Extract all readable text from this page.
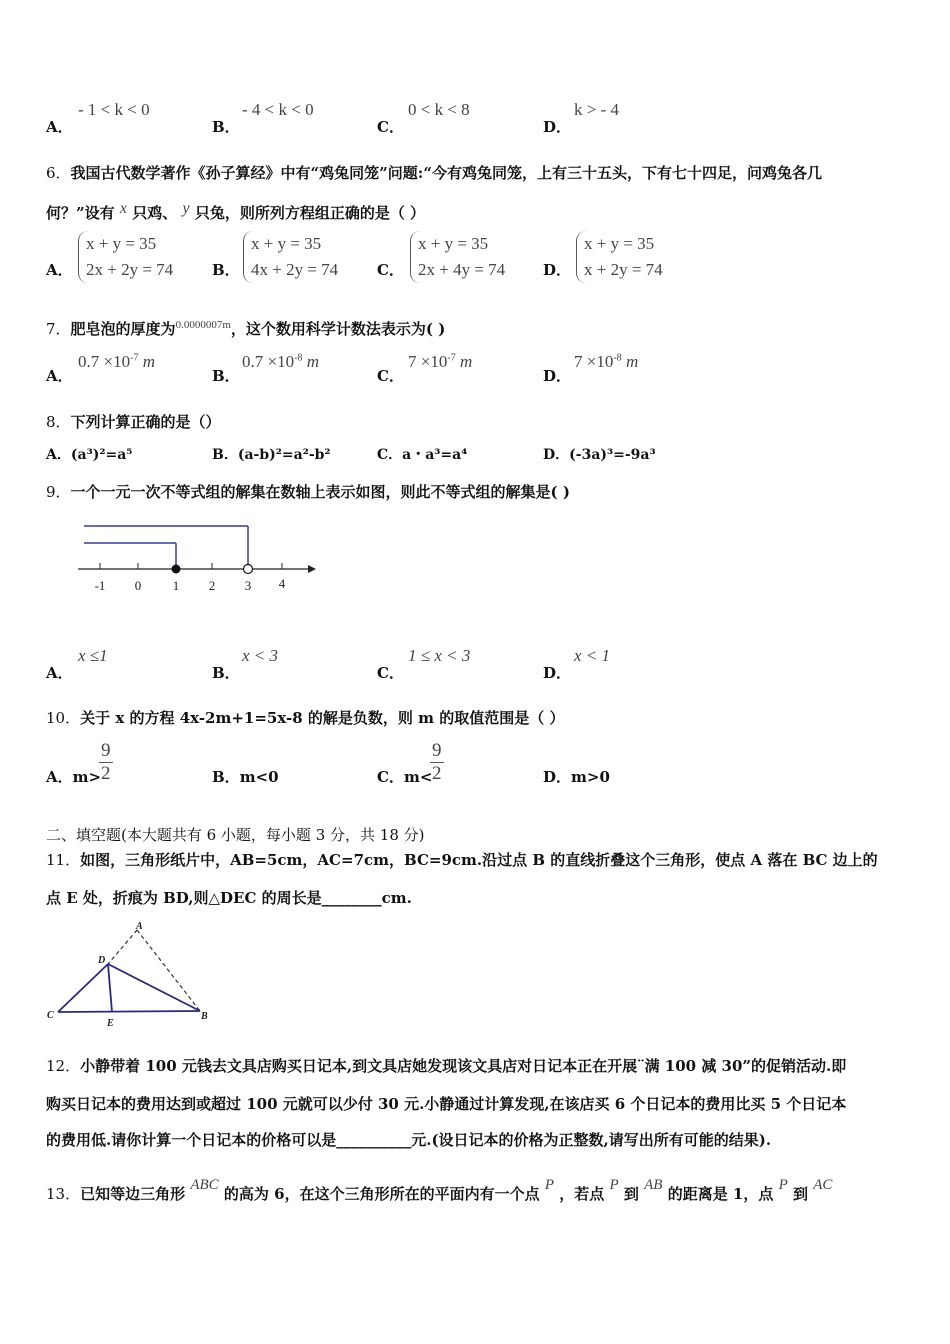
A．
- 1 < k < 0
B．
- 4 < k < 0
C．
0 < k < 8
D．
k > - 4
6．我国古代数学著作《孙子算经》中有“鸡兔同笼”问题:“今有鸡兔同笼，上有三十五头，下有七十四足，问鸡兔各几
何？”设有 x 只鸡、 y 只兔，则所列方程组正确的是（ ）
A．
x + y = 35
2x + 2y = 74	B．
x + y = 35
4x + 2y = 74	C．
x + y = 35
2x + 4y = 74	D．
x + y = 35
x + 2y = 74
7．肥皂泡的厚度为$^{0.0000007m}$，这个数用科学计数法表示为( )
A．
$0.7 \times 10^{-7}$ m
B．
$0.7 \times 10^{-8}$ m
C．
$7 \times 10^{-7}$ m
D．
$7 \times 10^{-8}$ m
8．下列计算正确的是（）
A．(a³)²=a⁵	B．(a-b)²=a²-b²	C．a・a³=a⁴	D．(-3a)³=-9a³
9．一个一元一次不等式组的解集在数轴上表示如图，则此不等式组的解集是( )
-1 0 1 2 3 4
A．
x ≤1
B．
x < 3
C．
1 ≤ x < 3
D．
x < 1
10．关于 x 的方程 4x-2m+1=5x-8 的解是负数，则 m 的取值范围是（ ）
A．m>
$\frac{9}{2}$	B．m<0	C．m<
$\frac{9}{2}$	D．m>0
二、填空题(本大题共有 6 小题，每小题 3 分，共 18 分)
11．如图，三角形纸片中，AB=5cm，AC=7cm，BC=9cm.沿过点 B 的直线折叠这个三角形，使点 A 落在 BC 边上的
点 E 处，折痕为 BD,则△DEC 的周长是________cm.
A
D
C
E
B
12．小静带着 100 元钱去文具店购买日记本,到文具店她发现该文具店对日记本正在开展¨满 100 减 30”的促销活动.即
购买日记本的费用达到或超过 100 元就可以少付 30 元.小静通过计算发现,在该店买 6 个日记本的费用比买 5 个日记本
的费用低.请你计算一个日记本的价格可以是__________元.(设日记本的价格为正整数,请写出所有可能的结果).
13．已知等边三角形 ABC 的高为 6，在这个三角形所在的平面内有一个点 P ，若点 P 到 AB 的距离是 1，点 P 到 AC
